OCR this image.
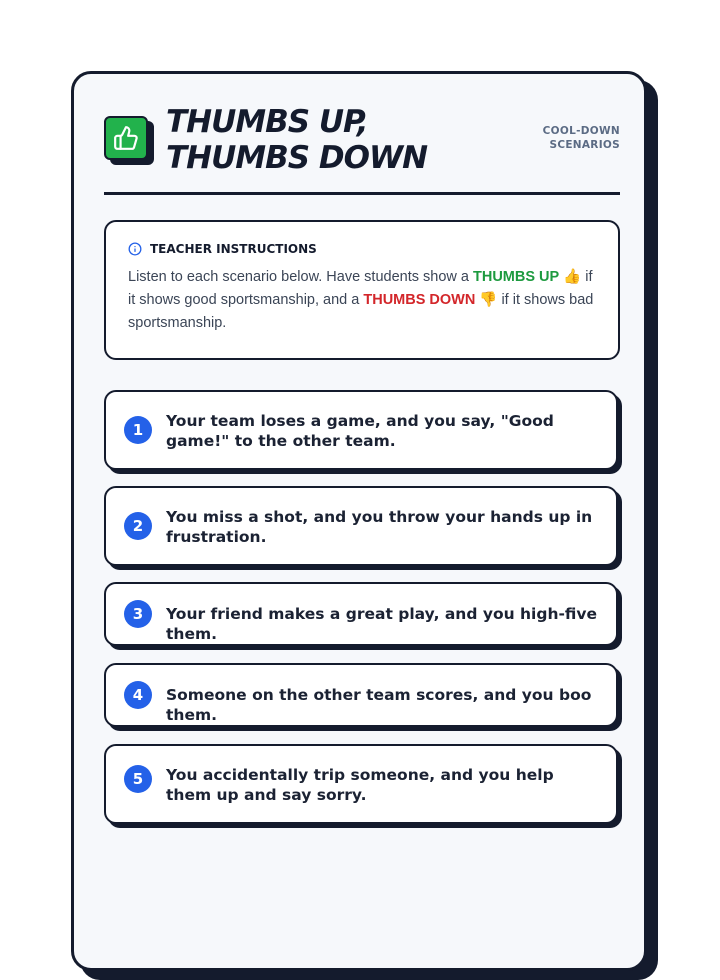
THUMBS UP,
THUMBS DOWN
COOL-DOWN
SCENARIOS
TEACHER INSTRUCTIONS
Listen to each scenario below. Have students show a THUMBS UP 👍 if it shows good sportsmanship, and a THUMBS DOWN 👎 if it shows bad sportsmanship.
1	Your team loses a game, and you say, "Good game!" to the other team.
2	You miss a shot, and you throw your hands up in frustration.
3	Your friend makes a great play, and you high-five them.
4	Someone on the other team scores, and you boo them.
5	You accidentally trip someone, and you help them up and say sorry.
